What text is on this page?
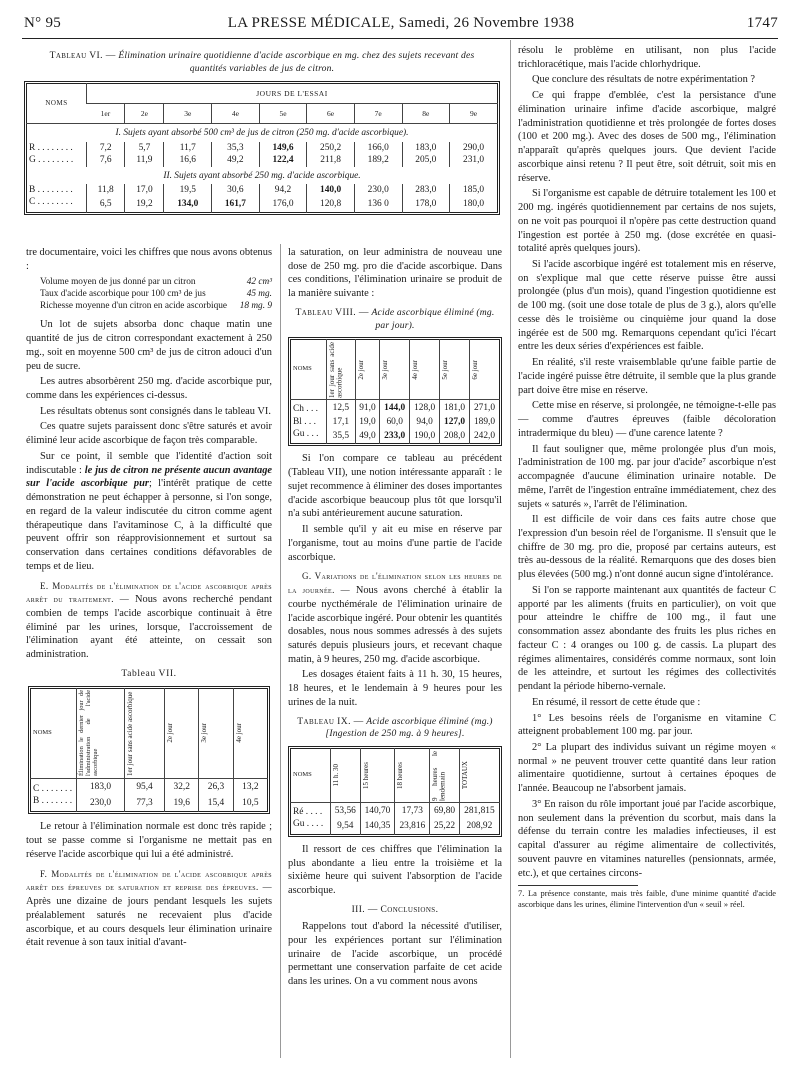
N° 95	LA PRESSE MÉDICALE, Samedi, 26 Novembre 1938	1747
Tableau VI. — Élimination urinaire quotidienne d'acide ascorbique en mg. chez des sujets recevant des quantités variables de jus de citron.
NOMS	JOURS DE L'ESSAI								
	1er	2e	3e	4e	5e	6e	7e	8e	9e
I. Sujets ayant absorbé 500 cm³ de jus de citron (250 mg. d'acide ascorbique).									
R . . . . . . . .	7,2	5,7	11,7	35,3	149,6	250,2	166,0	183,0	290,0
G . . . . . . . .	7,6	11,9	16,6	49,2	122,4	211,8	189,2	205,0	231,0
II. Sujets ayant absorbé 250 mg. d'acide ascorbique.									
B . . . . . . . .	11,8	17,0	19,5	30,6	94,2	140,0	230,0	283,0	185,0
C . . . . . . . .	6,5	19,2	134,0	161,7	176,0	120,8	136 0	178,0	180,0

tre documentaire, voici les chiffres que nous avons obtenus :

Volume moyen de jus donné par un citron	42 cm³
Taux d'acide ascorbique pour 100 cm³ de jus	45 mg.
Richesse moyenne d'un citron en acide ascorbique 18 mg. 9

Un lot de sujets absorba donc chaque matin une quantité de jus de citron correspondant exactement à 250 mg., soit en moyenne 500 cm³ de jus de citron adouci d'un peu de sucre.

Les autres absorbèrent 250 mg. d'acide ascorbique pur, comme dans les expériences ci-dessus.

Les résultats obtenus sont consignés dans le tableau VI.

Ces quatre sujets paraissent donc s'être saturés et avoir éliminé leur acide ascorbique de façon très comparable.

Sur ce point, il semble que l'identité d'action soit indiscutable : le jus de citron ne présente aucun avantage sur l'acide ascorbique pur; l'intérêt pratique de cette démonstration ne peut échapper à personne, si l'on songe, en regard de la valeur indiscutée du citron comme agent thérapeutique dans l'avitaminose C, à la difficulté que peuvent offrir son réapprovisionnement et surtout sa conservation dans certaines conditions défavorables de temps et de lieu.

E. Modalités de l'élimination de l'acide ascorbique après arrêt du traitement. — Nous avons recherché pendant combien de temps l'acide ascorbique continuait à être éliminé par les urines, lorsque, l'accroissement de l'élimination ayant été atteinte, on cessait son administration.

Tableau VII.
NOMS	Élimination le dernier jour de l'administration de l'acide ascorbique	1er jour sans acide ascorbique	2e jour	3e jour	4e jour

C . . . . . . .	183,0	95,4	32,2	26,3	13,2
B . . . . . . .	230,0	77,3	19,6	15,4	10,5

Le retour à l'élimination normale est donc très rapide ; tout se passe comme si l'organisme ne mettait pas en réserve l'acide ascorbique qui lui a été administré.

F. Modalités de l'élimination de l'acide ascorbique après arrêt des épreuves de saturation et reprise des épreuves. — Après une dizaine de jours pendant lesquels les sujets préalablement saturés ne recevaient plus d'acide ascorbique, et au cours desquels leur élimination urinaire était revenue à son taux initial d'avant-

la saturation, on leur administra de nouveau une dose de 250 mg. pro die d'acide ascorbique. Dans ces conditions, l'élimination urinaire se produit de la manière suivante :

Tableau VIII. — Acide ascorbique éliminé (mg. par jour).
NOMS	1er jour sans acide ascorbique	2e jour	3e jour	4e jour	5e jour	6e jour

Ch . . .	12,5	91,0	144,0	128,0	181,0	271,0
Bl . . .	17,1	19,0	60,0	94,0	127,0	189,0
Gu . . .	35,5	49,0	233,0	190,0	208,0	242,0

Si l'on compare ce tableau au précédent (Tableau VII), une notion intéressante apparaît : le sujet recommence à éliminer des doses importantes d'acide ascorbique beaucoup plus tôt que lorsqu'il n'a subi antérieurement aucune saturation.

Il semble qu'il y ait eu mise en réserve par l'organisme, tout au moins d'une partie de l'acide ascorbique.

G. Variations de l'élimination selon les heures de la journée. — Nous avons cherché à établir la courbe nycthémérale de l'élimination urinaire de l'acide ascorbique ingéré. Pour obtenir les quantités dosables, nous nous sommes adressés à des sujets saturés depuis plusieurs jours, et recevant chaque matin, à 9 heures, 250 mg. d'acide ascorbique.

Les dosages étaient faits à 11 h. 30, 15 heures, 18 heures, et le lendemain à 9 heures pour les urines de la nuit.

Tableau IX. — Acide ascorbique éliminé (mg.) [Ingestion de 250 mg. à 9 heures].
NOMS	11 h. 30	15 heures	18 heures	9 heures le lendemain	TOTAUX

Ré . . . .	53,56	140,70	17,73	69,80	281,815
Gu . . . .	9,54	140,35	23,816	25,22	208,92

Il ressort de ces chiffres que l'élimination la plus abondante a lieu entre la troisième et la sixième heure qui suivent l'absorption de l'acide ascorbique.

III. — Conclusions.

Rappelons tout d'abord la nécessité d'utiliser, pour les expériences portant sur l'élimination urinaire de l'acide ascorbique, un procédé permettant une conservation parfaite de cet acide dans les urines. On a vu comment nous avons

résolu le problème en utilisant, non plus l'acide trichloracétique, mais l'acide chlorhydrique.

Que conclure des résultats de notre expérimentation ?

Ce qui frappe d'emblée, c'est la persistance d'une élimination urinaire infime d'acide ascorbique, malgré l'administration quotidienne et très prolongée de fortes doses (100 et 200 mg.). Avec des doses de 500 mg., l'élimination n'apparaît qu'après quelques jours. Que devient l'acide ascorbique ainsi retenu ? Il peut être, soit détruit, soit mis en réserve.

Si l'organisme est capable de détruire totalement les 100 et 200 mg. ingérés quotidiennement par certains de nos sujets, on ne voit pas pourquoi il n'opère pas cette destruction quand l'ingestion est portée à 250 mg. (dose excrétée en quasi-totalité après quelques jours).

Si l'acide ascorbique ingéré est totalement mis en réserve, on s'explique mal que cette réserve puisse être aussi prolongée (plus d'un mois), quand l'ingestion quotidienne est de 100 mg. (soit une dose totale de plus de 3 g.), alors qu'elle cesse dès le troisième ou cinquième jour quand la dose ingérée est de 500 mg. Remarquons cependant qu'ici l'écart entre les deux séries d'expériences est faible.

En réalité, s'il reste vraisemblable qu'une faible partie de l'acide ingéré puisse être détruite, il semble que la plus grande part doive être mise en réserve.

Cette mise en réserve, si prolongée, ne témoigne-t-elle pas — comme d'autres épreuves (faible décoloration intradermique du bleu) — d'une carence latente ?

Il faut souligner que, même prolongée plus d'un mois, l'administration de 100 mg. par jour d'acide⁷ ascorbique n'est accompagnée d'aucune élimination urinaire notable. De même, l'arrêt de l'ingestion entraîne immédiatement, chez des sujets « saturés », l'arrêt de l'élimination.

Il est difficile de voir dans ces faits autre chose que l'expression d'un besoin réel de l'organisme. Il s'ensuit que le chiffre de 30 mg. pro die, proposé par certains auteurs, est très au-dessous de la réalité. Remarquons que des doses bien plus élevées (500 mg.) n'ont donné aucun signe d'intolérance.

Si l'on se rapporte maintenant aux quantités de facteur C apporté par les aliments (fruits en particulier), on voit que pour atteindre le chiffre de 100 mg., il faut une consommation assez abondante des fruits les plus riches en facteur C : 4 oranges ou 100 g. de cassis. La plupart des régimes alimentaires, considérés comme normaux, sont loin de les atteindre, et surtout les régimes des collectivités pendant la période hiberno-vernale.

En résumé, il ressort de cette étude que :

1° Les besoins réels de l'organisme en vitamine C atteignent probablement 100 mg. par jour.

2° La plupart des individus suivant un régime moyen « normal » ne peuvent trouver cette quantité dans leur ration alimentaire quotidienne, surtout à certaines époques de l'année. Beaucoup ne l'absorbent jamais.

3° En raison du rôle important joué par l'acide ascorbique, non seulement dans la prévention du scorbut, mais dans la défense du terrain contre les maladies infectieuses, il est capital d'assurer au régime alimentaire de collectivités, souvent pauvre en vitamines naturelles (pensionnats, armée, etc.), et que certaines circons-

7. La présence constante, mais très faible, d'une minime quantité d'acide ascorbique dans les urines, élimine l'intervention d'un « seuil » réel.
